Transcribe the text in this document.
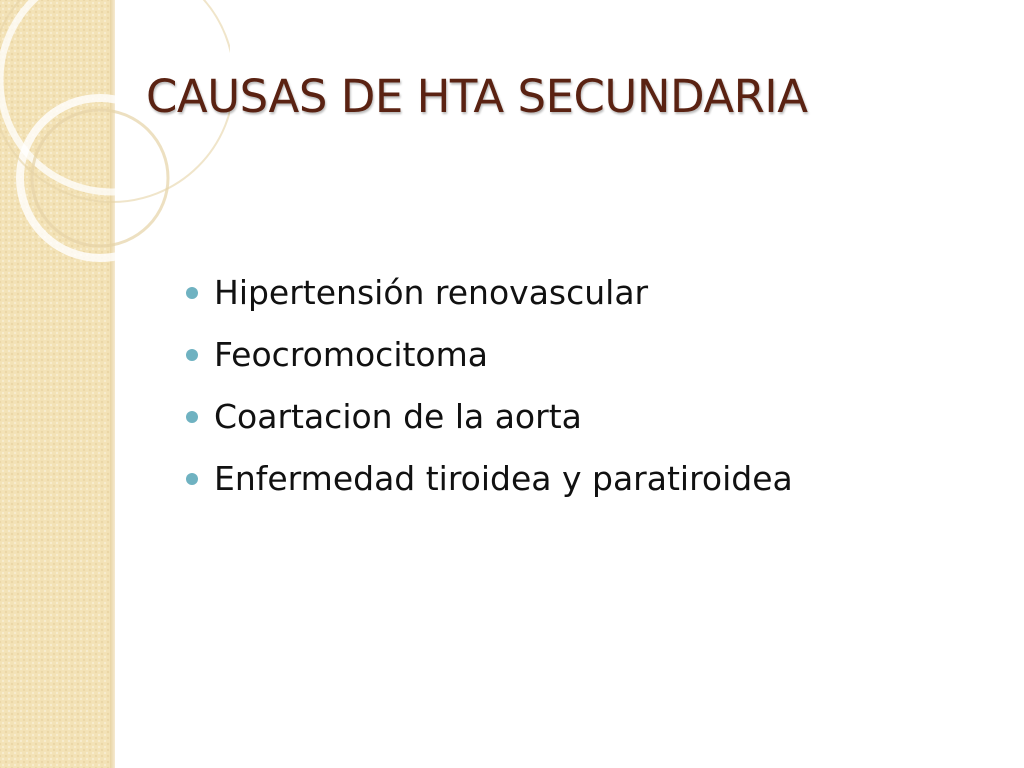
CAUSAS DE HTA SECUNDARIA
Hipertensión renovascular
Feocromocitoma
Coartacion de la aorta
Enfermedad tiroidea y paratiroidea
